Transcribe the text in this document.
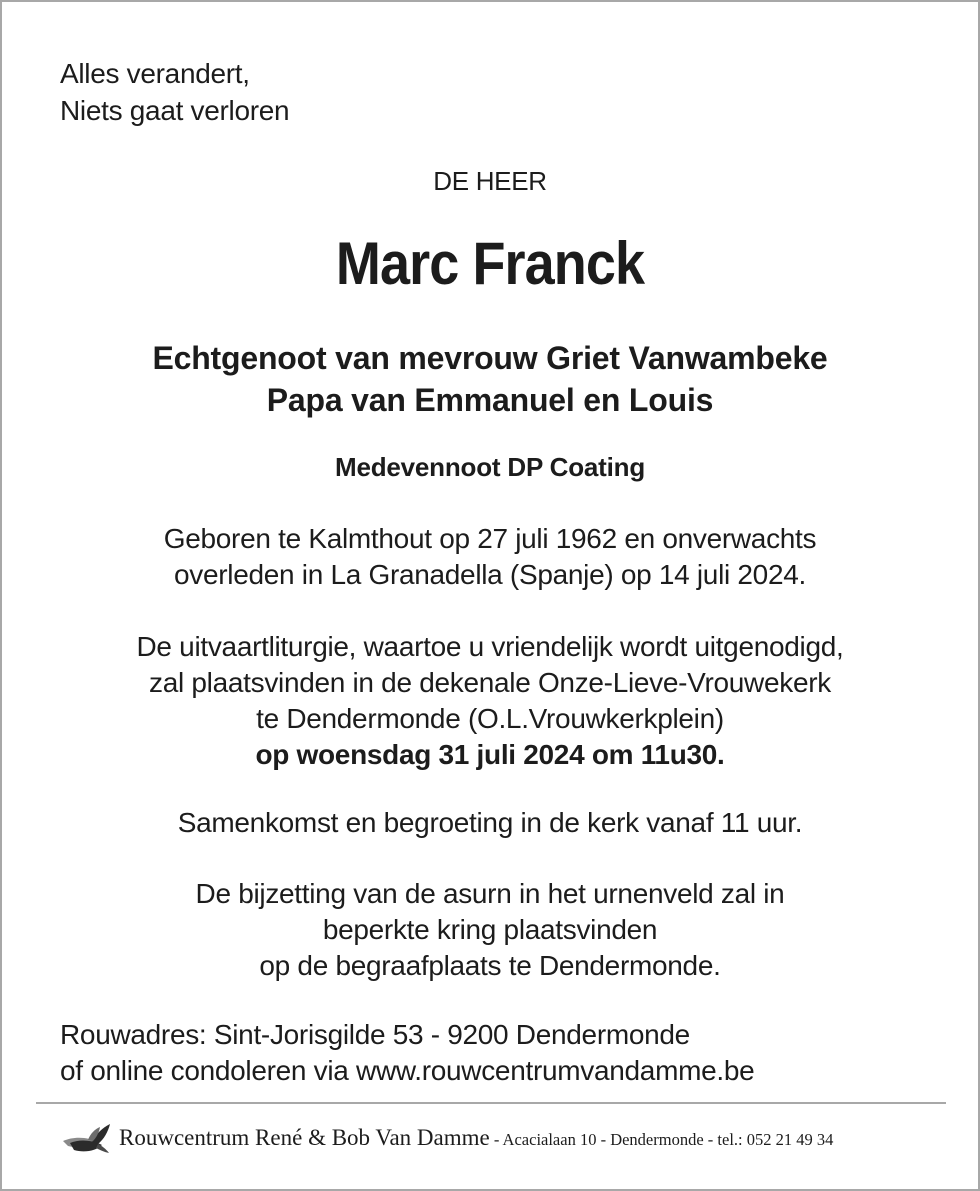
Alles verandert,
Niets gaat verloren
DE HEER
Marc Franck
Echtgenoot van mevrouw Griet Vanwambeke
Papa van Emmanuel en Louis
Medevennoot DP Coating
Geboren te Kalmthout op 27 juli 1962 en onverwachts
overleden in La Granadella (Spanje) op 14 juli 2024.
De uitvaartliturgie, waartoe u vriendelijk wordt uitgenodigd,
zal plaatsvinden in de dekenale Onze-Lieve-Vrouwekerk
te Dendermonde (O.L.Vrouwkerkplein)
op woensdag 31 juli 2024 om 11u30.
Samenkomst en begroeting in de kerk vanaf 11 uur.
De bijzetting van de asurn in het urnenveld zal in
beperkte kring plaatsvinden
op de begraafplaats te Dendermonde.
Rouwadres: Sint-Jorisgilde 53 - 9200 Dendermonde
of online condoleren via www.rouwcentrumvandamme.be
Rouwcentrum René & Bob Van Damme - Acacialaan 10 - Dendermonde - tel.: 052 21 49 34
